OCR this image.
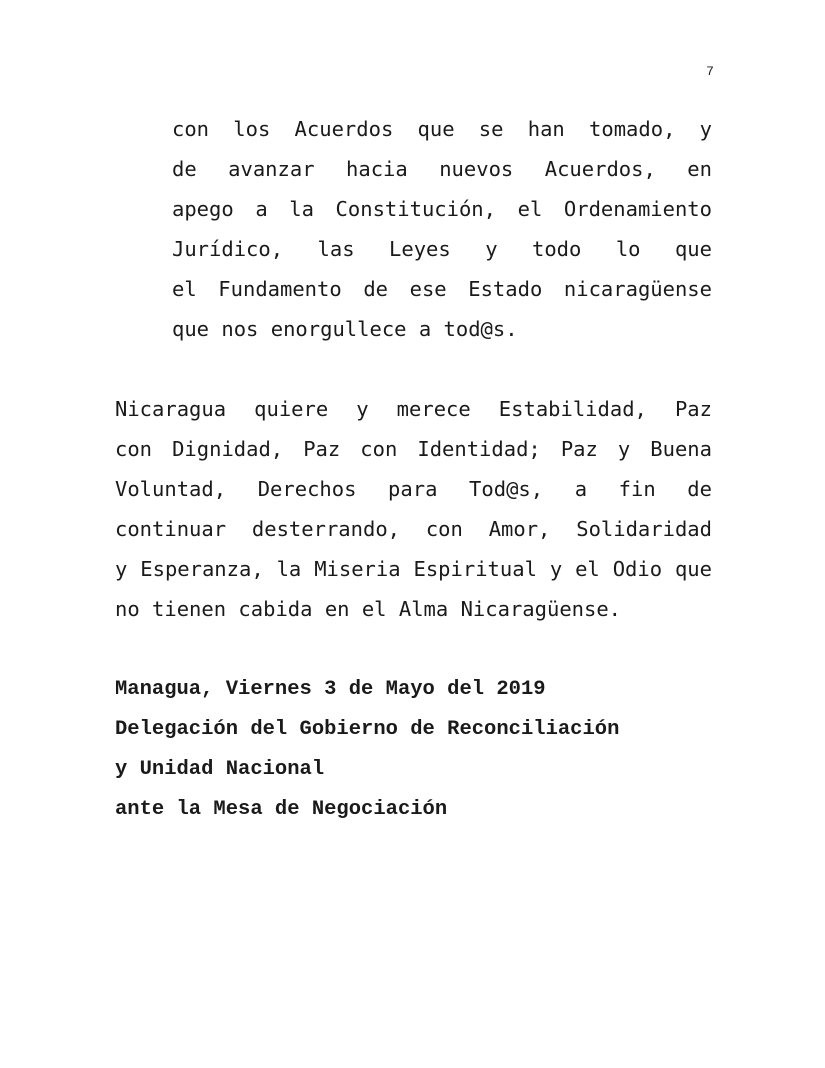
7
con los Acuerdos que se han tomado, y
de avanzar hacia nuevos Acuerdos, en
apego a la Constitución, el Ordenamiento
Jurídico, las Leyes y todo lo que
el Fundamento de ese Estado nicaragüense
que nos enorgullece a tod@s.
Nicaragua quiere y merece Estabilidad, Paz
con Dignidad, Paz con Identidad; Paz y Buena
Voluntad, Derechos para Tod@s, a fin de
continuar desterrando, con Amor, Solidaridad
y Esperanza, la Miseria Espiritual y el Odio que
no tienen cabida en el Alma Nicaragüense.
Managua, Viernes 3 de Mayo del 2019
Delegación del Gobierno de Reconciliación
y Unidad Nacional
ante la Mesa de Negociación
